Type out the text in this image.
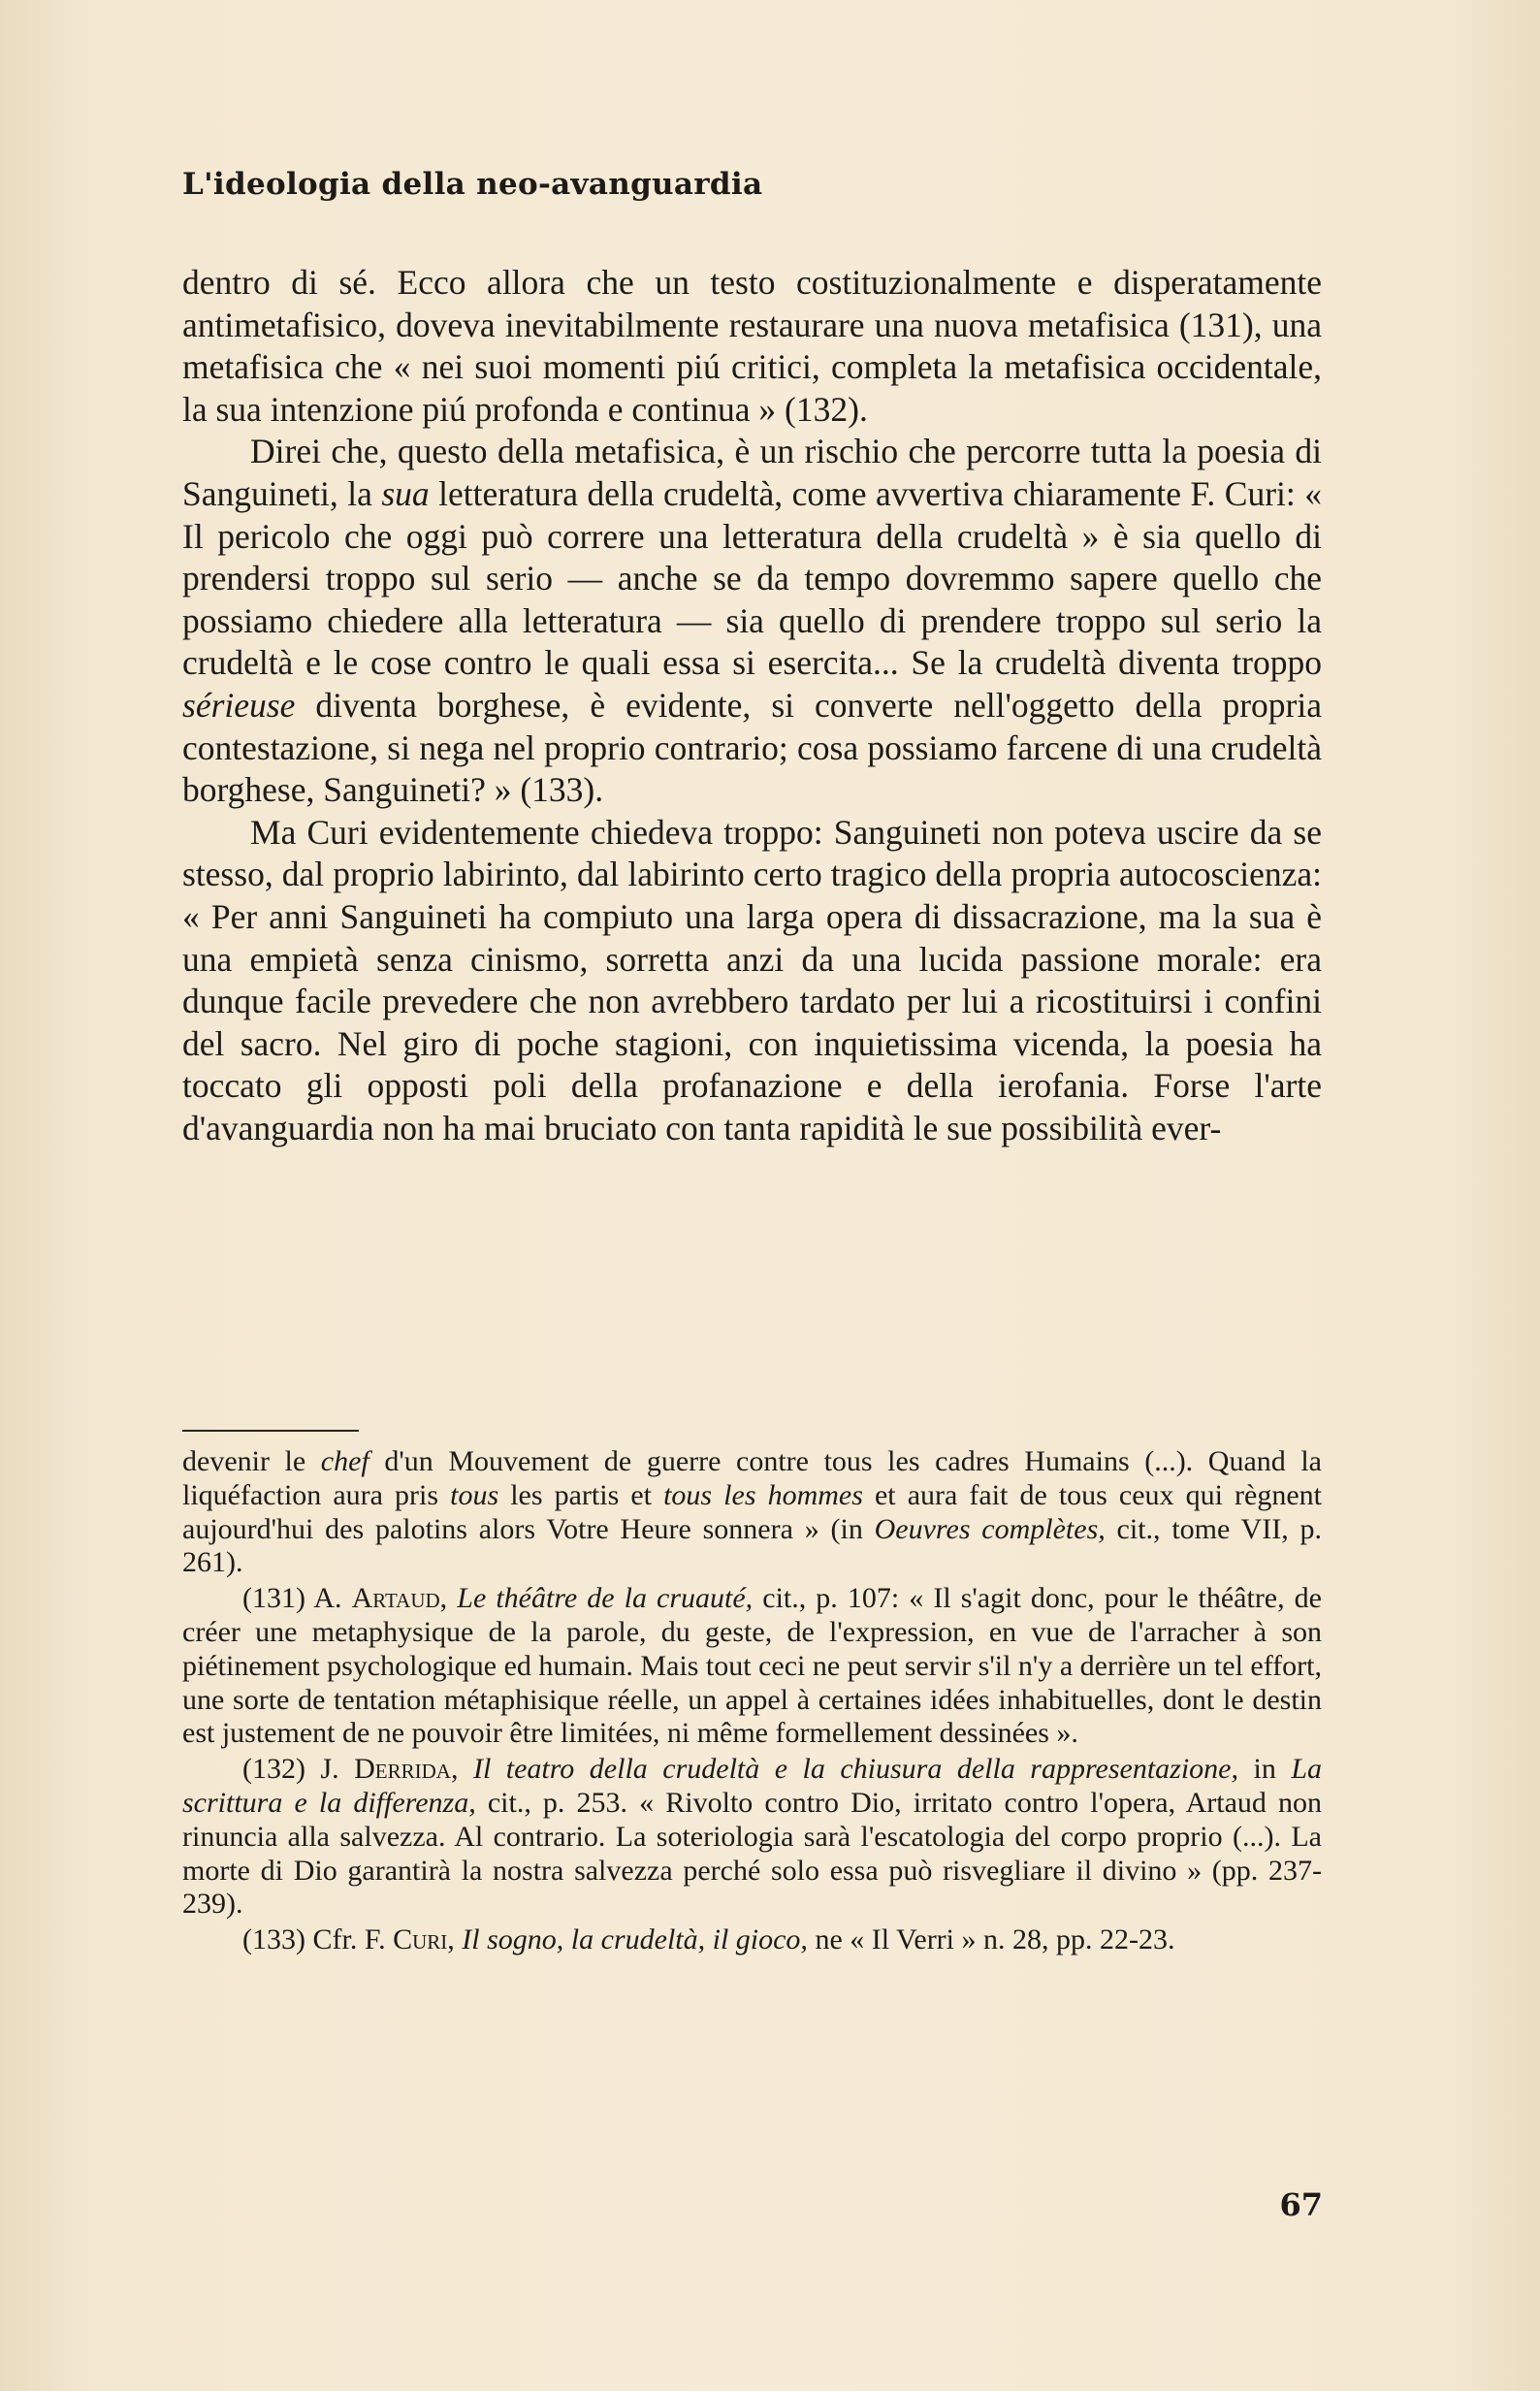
L'ideologia della neo-avanguardia

dentro di sé. Ecco allora che un testo costituzionalmente e disperatamente antimetafisico, doveva inevitabilmente restaurare una nuova metafisica (131), una metafisica che « nei suoi momenti piú critici, completa la metafisica occidentale, la sua intenzione piú profonda e continua » (132).

Direi che, questo della metafisica, è un rischio che percorre tutta la poesia di Sanguineti, la sua letteratura della crudeltà, come avvertiva chiaramente F. Curi: « Il pericolo che oggi può correre una letteratura della crudeltà » è sia quello di prendersi troppo sul serio — anche se da tempo dovremmo sapere quello che possiamo chiedere alla letteratura — sia quello di prendere troppo sul serio la crudeltà e le cose contro le quali essa si esercita... Se la crudeltà diventa troppo sérieuse diventa borghese, è evidente, si converte nell'oggetto della propria contestazione, si nega nel proprio contrario; cosa possiamo farcene di una crudeltà borghese, Sanguineti? » (133).

Ma Curi evidentemente chiedeva troppo: Sanguineti non poteva uscire da se stesso, dal proprio labirinto, dal labirinto certo tragico della propria autocoscienza: « Per anni Sanguineti ha compiuto una larga opera di dissacrazione, ma la sua è una empietà senza cinismo, sorretta anzi da una lucida passione morale: era dunque facile prevedere che non avrebbero tardato per lui a ricostituirsi i confini del sacro. Nel giro di poche stagioni, con inquietissima vicenda, la poesia ha toccato gli opposti poli della profanazione e della ierofania. Forse l'arte d'avanguardia non ha mai bruciato con tanta rapidità le sue possibilità ever-

devenir le chef d'un Mouvement de guerre contre tous les cadres Humains (...). Quand la liquéfaction aura pris tous les partis et tous les hommes et aura fait de tous ceux qui règnent aujourd'hui des palotins alors Votre Heure sonnera » (in Oeuvres complètes, cit., tome VII, p. 261).

(131) A. Artaud, Le théâtre de la cruauté, cit., p. 107: « Il s'agit donc, pour le théâtre, de créer une metaphysique de la parole, du geste, de l'expression, en vue de l'arracher à son piétinement psychologique ed humain. Mais tout ceci ne peut servir s'il n'y a derrière un tel effort, une sorte de tentation métaphisique réelle, un appel à certaines idées inhabituelles, dont le destin est justement de ne pouvoir être limitées, ni même formellement dessinées ».

(132) J. Derrida, Il teatro della crudeltà e la chiusura della rappresentazione, in La scrittura e la differenza, cit., p. 253. « Rivolto contro Dio, irritato contro l'opera, Artaud non rinuncia alla salvezza. Al contrario. La soteriologia sarà l'escatologia del corpo proprio (...). La morte di Dio garantirà la nostra salvezza perché solo essa può risvegliare il divino » (pp. 237-239).

(133) Cfr. F. Curi, Il sogno, la crudeltà, il gioco, ne « Il Verri » n. 28, pp. 22-23.

67
